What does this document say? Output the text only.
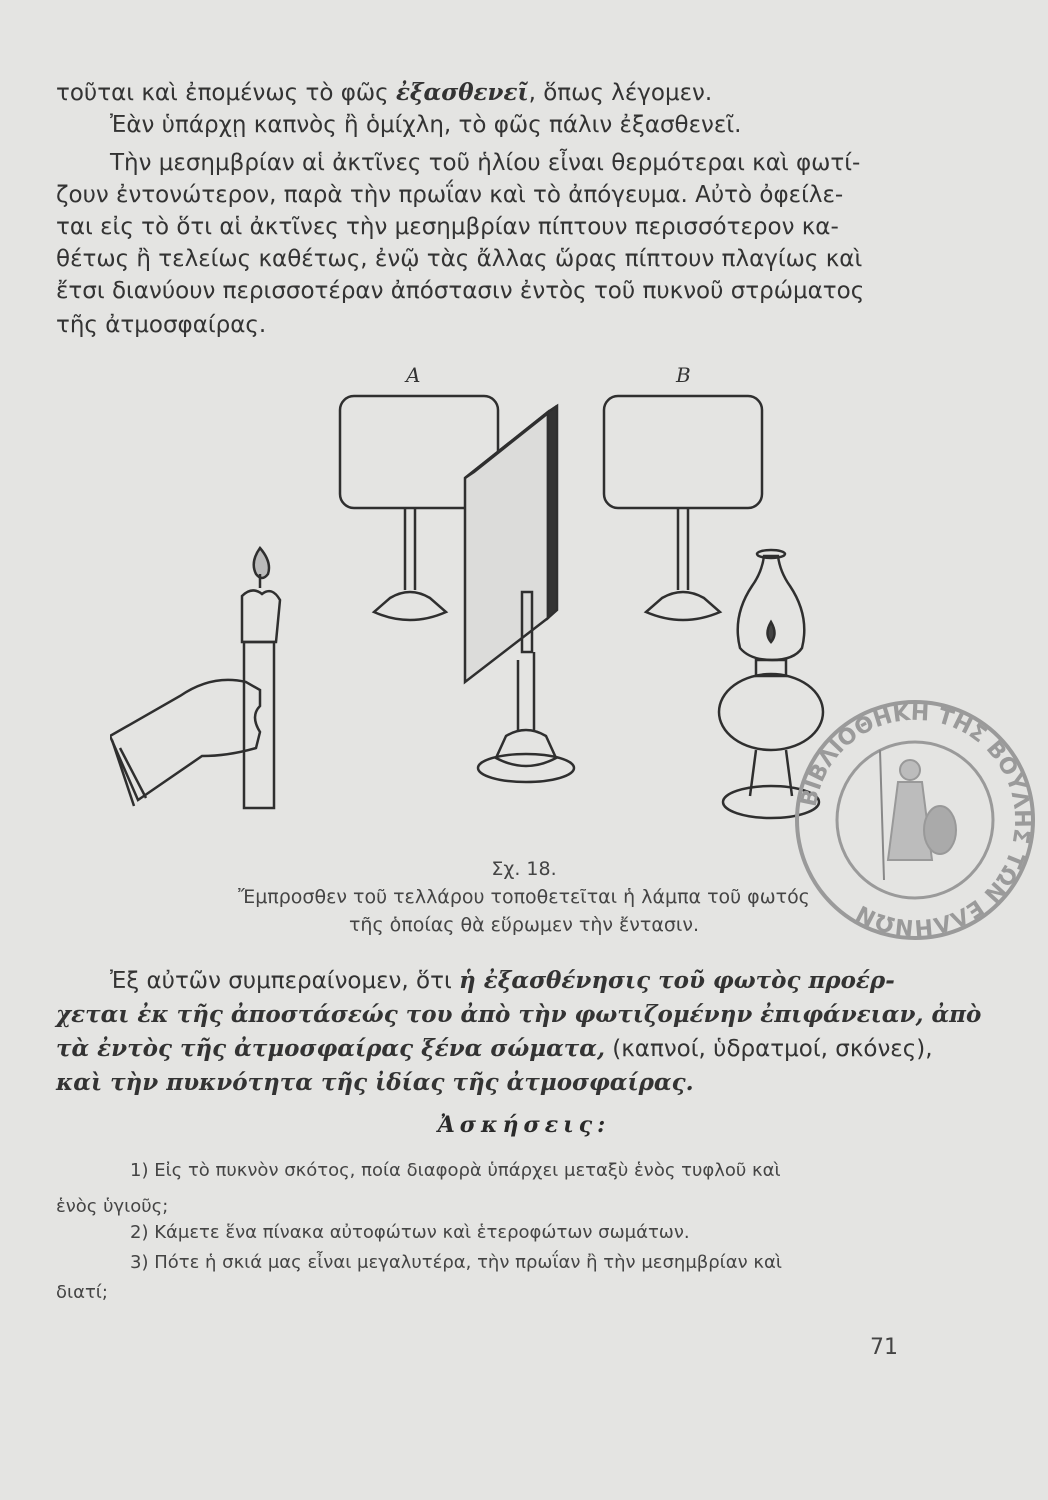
τοῦται καὶ ἐπομένως τὸ φῶς ἐξασθενεῖ, ὅπως λέγομεν.
Ἐὰν ὑπάρχῃ καπνὸς ἢ ὁμίχλη, τὸ φῶς πάλιν ἐξασθενεῖ.
Τὴν μεσημβρίαν αἱ ἀκτῖνες τοῦ ἡλίου εἶναι θερμότεραι καὶ φωτί-
ζουν ἐντονώτερον, παρὰ τὴν πρωΐαν καὶ τὸ ἀπόγευμα. Αὐτὸ ὀφείλε-
ται εἰς τὸ ὅτι αἱ ἀκτῖνες τὴν μεσημβρίαν πίπτουν περισσότερον κα-
θέτως ἢ τελείως καθέτως, ἐνῷ τὰς ἄλλας ὥρας πίπτουν πλαγίως καὶ
ἔτσι διανύουν περισσοτέραν ἀπόστασιν ἐντὸς τοῦ πυκνοῦ στρώματος
τῆς ἀτμοσφαίρας.
A	B
ΒΙΒΛΙΟΘΗΚΗ ΤΗΣ ΒΟΥΛΗΣ ΤΩΝ ΕΛΛΗΝΩΝ
Σχ. 18.
Ἔμπροσθεν τοῦ τελλάρου τοποθετεῖται ἡ λάμπα τοῦ φωτός
τῆς ὁποίας θὰ εὕρωμεν τὴν ἔντασιν.
Ἐξ αὐτῶν συμπεραίνομεν, ὅτι ἡ ἐξασθένησις τοῦ φωτὸς προέρ-
χεται ἐκ τῆς ἀποστάσεώς του ἀπὸ τὴν φωτιζομένην ἐπιφάνειαν, ἀπὸ
τὰ ἐντὸς τῆς ἀτμοσφαίρας ξένα σώματα, (καπνοί, ὑδρατμοί, σκόνες),
καὶ τὴν πυκνότητα τῆς ἰδίας τῆς ἀτμοσφαίρας.
Ἀσκήσεις:
1) Εἰς τὸ πυκνὸν σκότος, ποία διαφορὰ ὑπάρχει μεταξὺ ἑνὸς τυφλοῦ καὶ
ἑνὸς ὑγιοῦς;
2) Κάμετε ἕνα πίνακα αὐτοφώτων καὶ ἑτεροφώτων σωμάτων.
3) Πότε ἡ σκιά μας εἶναι μεγαλυτέρα, τὴν πρωΐαν ἢ τὴν μεσημβρίαν καὶ
διατί;
71
